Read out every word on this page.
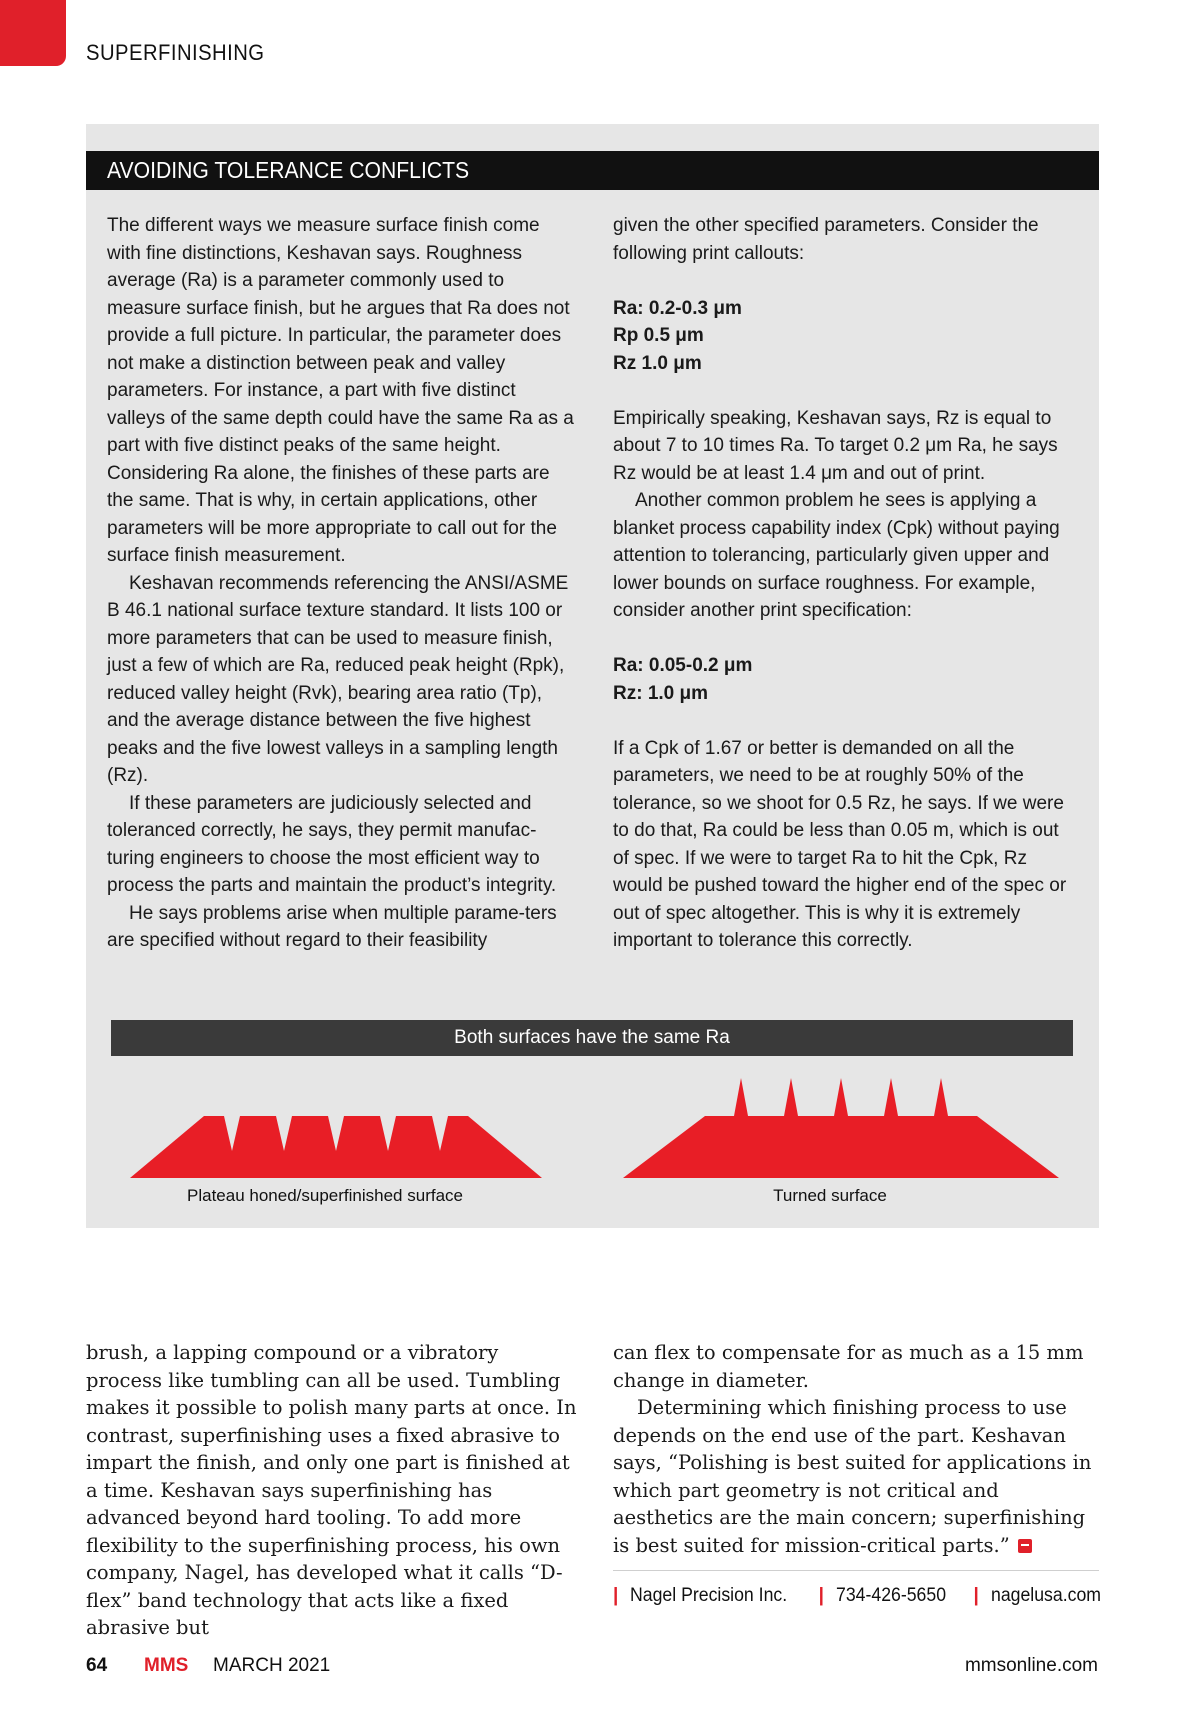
SUPERFINISHING
AVOIDING TOLERANCE CONFLICTS

The different ways we measure surface finish come with fine distinctions, Keshavan says. Roughness average (Ra) is a parameter commonly used to measure surface finish, but he argues that Ra does not provide a full picture. In particular, the parameter does not make a distinction between peak and valley parameters. For instance, a part with five distinct valleys of the same depth could have the same Ra as a part with five distinct peaks of the same height. Considering Ra alone, the finishes of these parts are the same. That is why, in certain applications, other parameters will be more appropriate to call out for the surface finish measurement.

Keshavan recommends referencing the ANSI/ASME B 46.1 national surface texture standard. It lists 100 or more parameters that can be used to measure finish, just a few of which are Ra, reduced peak height (Rpk), reduced valley height (Rvk), bearing area ratio (Tp), and the average distance between the five highest peaks and the five lowest valleys in a sampling length (Rz).

If these parameters are judiciously selected and toleranced correctly, he says, they permit manufac-turing engineers to choose the most efficient way to process the parts and maintain the product’s integrity.

He says problems arise when multiple parame-ters are specified without regard to their feasibility

given the other specified parameters. Consider the following print callouts:

Ra: 0.2-0.3 μm

Rp 0.5 μm

Rz 1.0 μm

Empirically speaking, Keshavan says, Rz is equal to about 7 to 10 times Ra. To target 0.2 μm Ra, he says Rz would be at least 1.4 μm and out of print.

Another common problem he sees is applying a blanket process capability index (Cpk) without paying attention to tolerancing, particularly given upper and lower bounds on surface roughness. For example, consider another print specification:

Ra: 0.05-0.2 μm

Rz: 1.0 μm

If a Cpk of 1.67 or better is demanded on all the parameters, we need to be at roughly 50% of the tolerance, so we shoot for 0.5 Rz, he says. If we were to do that, Ra could be less than 0.05 m, which is out of spec. If we were to target Ra to hit the Cpk, Rz would be pushed toward the higher end of the spec or out of spec altogether. This is why it is extremely important to tolerance this correctly.

Both surfaces have the same Ra
Plateau honed/superfinished surface	Turned surface

brush, a lapping compound or a vibratory process like tumbling can all be used. Tumbling makes it possible to polish many parts at once. In contrast, superfinishing uses a fixed abrasive to impart the finish, and only one part is finished at a time. Keshavan says superfinishing has advanced beyond hard tooling. To add more flexibility to the superfinishing process, his own company, Nagel, has developed what it calls “D-flex” band technology that acts like a fixed abrasive but

can flex to compensate for as much as a 15 mm change in diameter.

Determining which finishing process to use depends on the end use of the part. Keshavan says, “Polishing is best suited for applications in which part geometry is not critical and aesthetics are the main concern; superfinishing is best suited for mission-critical parts.”

| Nagel Precision Inc. | 734-426-5650 | nagelusa.com
64 MMS MARCH 2021	mmsonline.com
